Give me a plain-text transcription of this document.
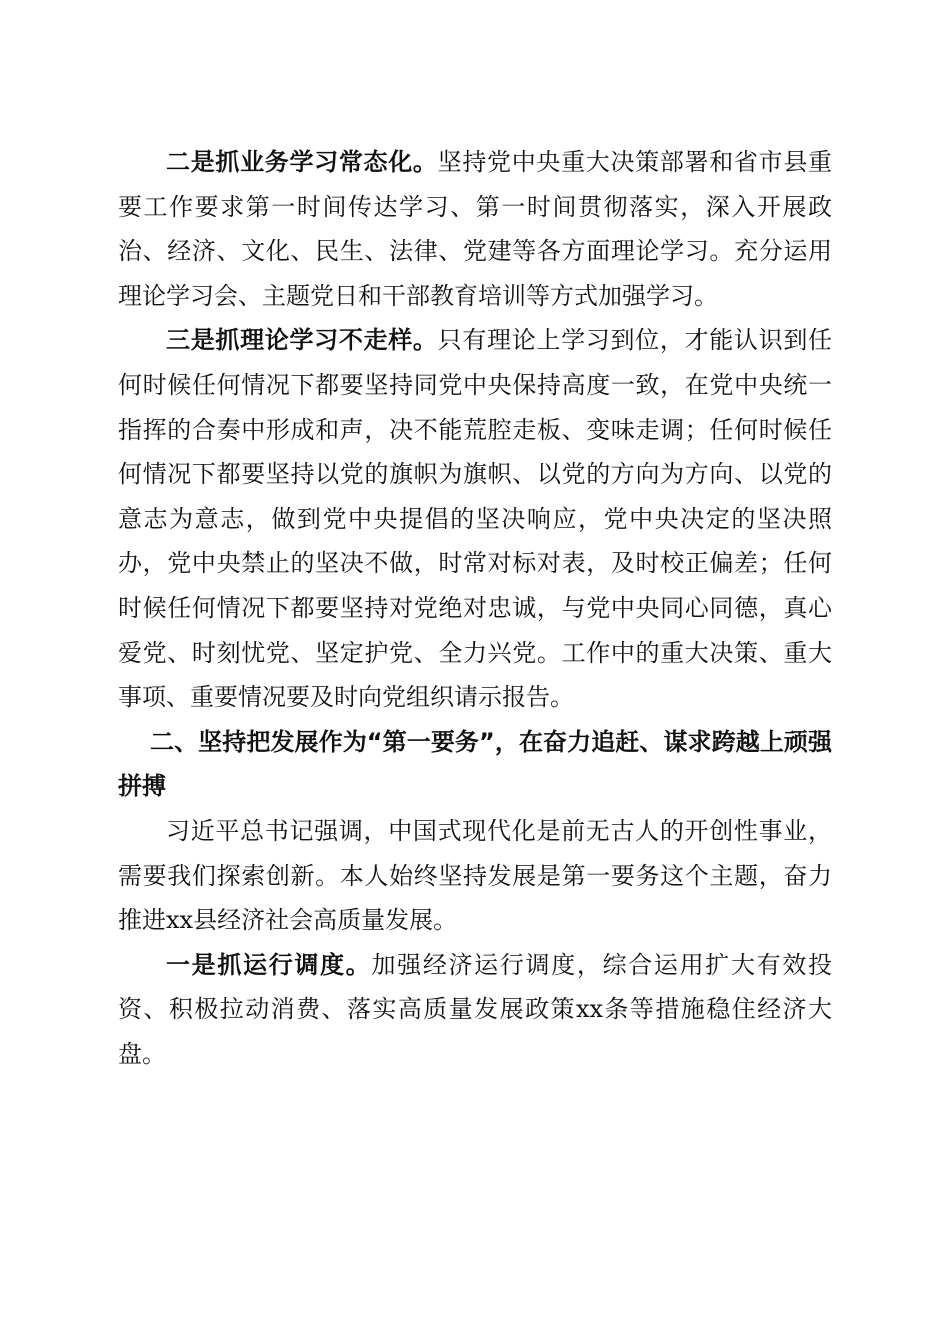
二是抓业务学习常态化。坚持党中央重大决策部署和省市县重要工作要求第一时间传达学习、第一时间贯彻落实，深入开展政治、经济、文化、民生、法律、党建等各方面理论学习。充分运用理论学习会、主题党日和干部教育培训等方式加强学习。

三是抓理论学习不走样。只有理论上学习到位，才能认识到任何时候任何情况下都要坚持同党中央保持高度一致，在党中央统一指挥的合奏中形成和声，决不能荒腔走板、变味走调；任何时候任何情况下都要坚持以党的旗帜为旗帜、以党的方向为方向、以党的意志为意志，做到党中央提倡的坚决响应，党中央决定的坚决照办，党中央禁止的坚决不做，时常对标对表，及时校正偏差；任何时候任何情况下都要坚持对党绝对忠诚，与党中央同心同德，真心爱党、时刻忧党、坚定护党、全力兴党。工作中的重大决策、重大事项、重要情况要及时向党组织请示报告。

二、坚持把发展作为“第一要务”，在奋力追赶、谋求跨越上顽强拼搏

习近平总书记强调，中国式现代化是前无古人的开创性事业，需要我们探索创新。本人始终坚持发展是第一要务这个主题，奋力推进xx县经济社会高质量发展。

一是抓运行调度。加强经济运行调度，综合运用扩大有效投资、积极拉动消费、落实高质量发展政策xx条等措施稳住经济大盘。
